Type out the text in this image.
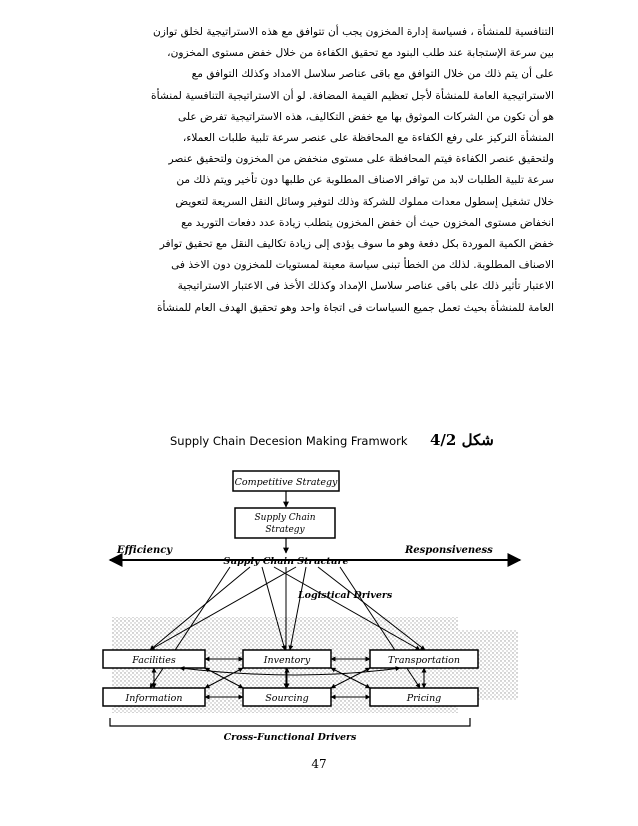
التنافسية للمنشأة ، فسياسة إدارة المخزون يجب أن تتوافق مع هذه الاستراتيجية لخلق توازن
بين سرعة الإستجابة عند طلب البنود مع تحقيق الكفاءة من خلال خفض مستوى المخزون،
على أن يتم ذلك من خلال التوافق مع باقى عناصر سلاسل الامداد وكذلك التوافق مع
الاستراتيجية العامة للمنشأة لأجل تعظيم القيمة المضافة. لو أن الاستراتيجية التنافسية لمنشأة
هو أن تكون من الشركات الموثوق بها مع خفض التكاليف، هذه الاستراتيجية تفرض على
المنشأة التركيز على رفع الكفاءة مع المحافظة على عنصر سرعة تلبية طلبات العملاء،
ولتحقيق عنصر الكفاءة فيتم المحافظة على مستوى منخفض من المخزون ولتحقيق عنصر
سرعة تلبية الطلبات لابد من توافر الاصناف المطلوبة عن طلبها دون تأخير ويتم ذلك من
خلال تشغيل إسطول معدات مملوك للشركة وذلك لتوفير وسائل النقل السريعة لتعويض
انخفاض مستوى المخزون حيث أن خفض المخزون يتطلب زيادة عدد دفعات التوريد مع
خفض الكمية الموردة بكل دفعة وهو ما سوف يؤدى إلى زيادة تكاليف النقل مع تحقيق توافر
الاصناف المطلوبة. لذلك من الخطأ تبنى سياسة معينة لمستويات للمخزون دون الاخذ فى
الاعتبار تأثير ذلك على باقى عناصر سلاسل الإمداد وكذلك الأخذ فى الاعتبار الاستراتيجية
العامة للمنشأة بحيث تعمل جميع السياسات فى اتجاة واحد وهو تحقيق الهدف العام للمنشأة
Supply Chain Decesion Making Framwork شكل 4/2
Competitive Strategy
Supply Chain
Strategy
Efficiency	Responsiveness
Supply Chain Structure
Logistical Drivers
Facilities	Inventory	Transportation
Information	Sourcing	Pricing
Cross-Functional Drivers
47
